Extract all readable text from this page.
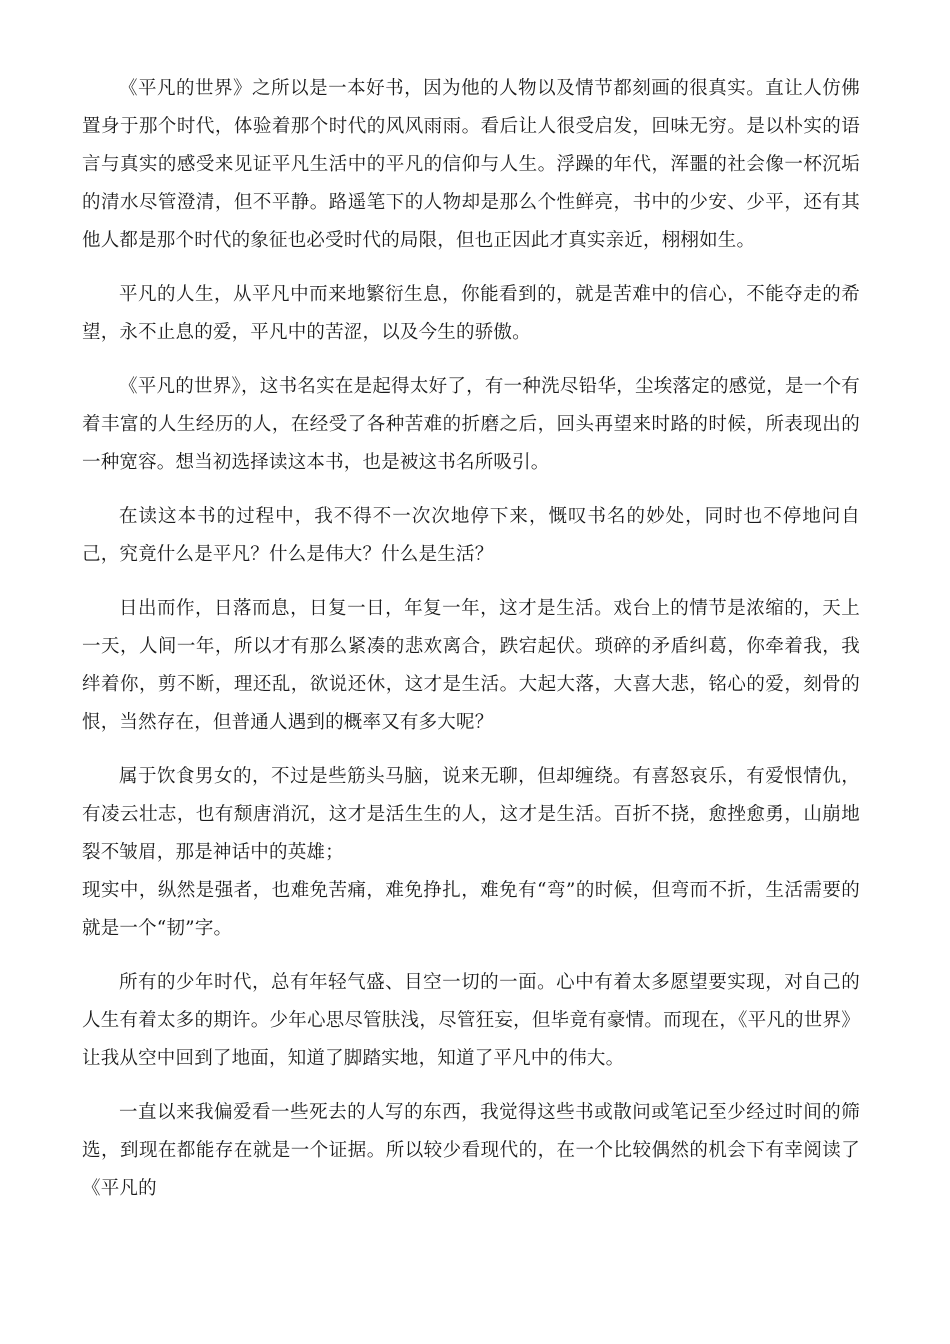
《平凡的世界》之所以是一本好书，因为他的人物以及情节都刻画的很真实。直让人仿佛置身于那个时代，体验着那个时代的风风雨雨。看后让人很受启发，回味无穷。是以朴实的语言与真实的感受来见证平凡生活中的平凡的信仰与人生。浮躁的年代，浑噩的社会像一杯沉垢的清水尽管澄清，但不平静。路遥笔下的人物却是那么个性鲜亮，书中的少安、少平，还有其他人都是那个时代的象征也必受时代的局限，但也正因此才真实亲近，栩栩如生。

平凡的人生，从平凡中而来地繁衍生息，你能看到的，就是苦难中的信心，不能夺走的希望，永不止息的爱，平凡中的苦涩，以及今生的骄傲。

《平凡的世界》，这书名实在是起得太好了，有一种洗尽铅华，尘埃落定的感觉，是一个有着丰富的人生经历的人，在经受了各种苦难的折磨之后，回头再望来时路的时候，所表现出的一种宽容。想当初选择读这本书，也是被这书名所吸引。

在读这本书的过程中，我不得不一次次地停下来，慨叹书名的妙处，同时也不停地问自己，究竟什么是平凡？什么是伟大？什么是生活？

日出而作，日落而息，日复一日，年复一年，这才是生活。戏台上的情节是浓缩的，天上一天，人间一年，所以才有那么紧凑的悲欢离合，跌宕起伏。琐碎的矛盾纠葛，你牵着我，我绊着你，剪不断，理还乱，欲说还休，这才是生活。大起大落，大喜大悲，铭心的爱，刻骨的恨，当然存在，但普通人遇到的概率又有多大呢？

属于饮食男女的，不过是些筋头马脑，说来无聊，但却缠绕。有喜怒哀乐，有爱恨情仇，有凌云壮志，也有颓唐消沉，这才是活生生的人，这才是生活。百折不挠，愈挫愈勇，山崩地裂不皱眉，那是神话中的英雄；

现实中，纵然是强者，也难免苦痛，难免挣扎，难免有“弯”的时候，但弯而不折，生活需要的就是一个“韧”字。

所有的少年时代，总有年轻气盛、目空一切的一面。心中有着太多愿望要实现，对自己的人生有着太多的期许。少年心思尽管肤浅，尽管狂妄，但毕竟有豪情。而现在，《平凡的世界》让我从空中回到了地面，知道了脚踏实地，知道了平凡中的伟大。

一直以来我偏爱看一些死去的人写的东西，我觉得这些书或散问或笔记至少经过时间的筛选，到现在都能存在就是一个证据。所以较少看现代的，在一个比较偶然的机会下有幸阅读了《平凡的
